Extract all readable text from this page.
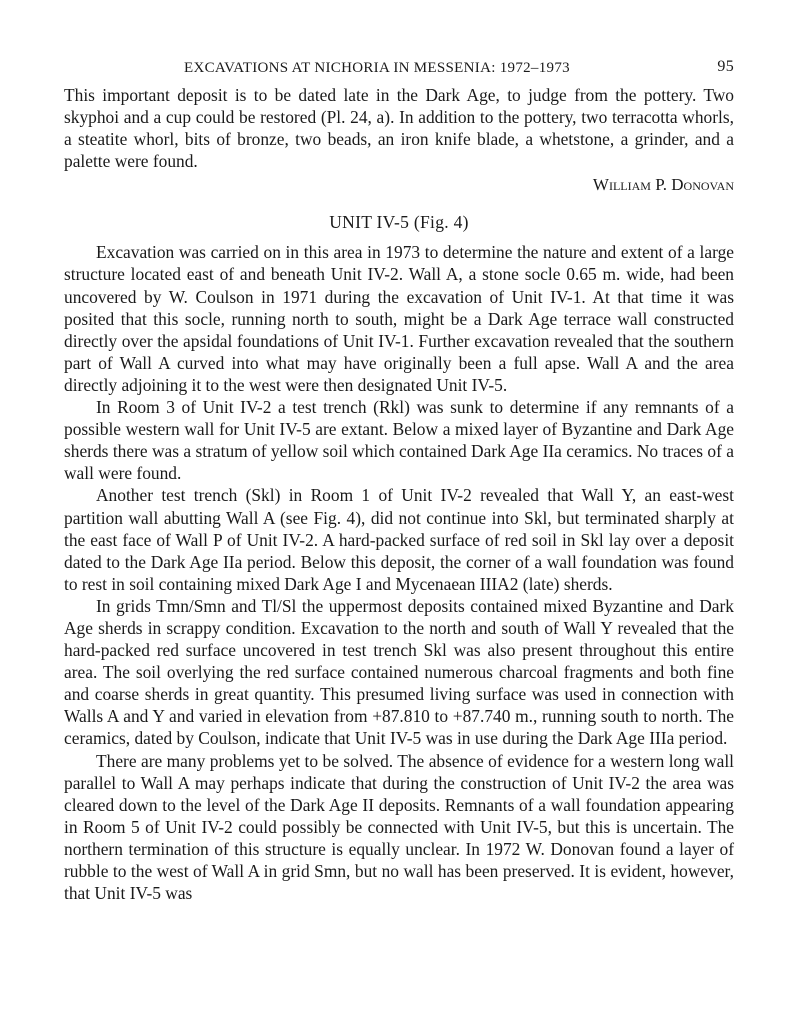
EXCAVATIONS AT NICHORIA IN MESSENIA: 1972–1973	95

This important deposit is to be dated late in the Dark Age, to judge from the pottery. Two skyphoi and a cup could be restored (Pl. 24, a). In addition to the pottery, two terracotta whorls, a steatite whorl, bits of bronze, two beads, an iron knife blade, a whetstone, a grinder, and a palette were found.

William P. Donovan
UNIT IV-5 (Fig. 4)

Excavation was carried on in this area in 1973 to determine the nature and extent of a large structure located east of and beneath Unit IV-2. Wall A, a stone socle 0.65 m. wide, had been uncovered by W. Coulson in 1971 during the excavation of Unit IV-1. At that time it was posited that this socle, running north to south, might be a Dark Age terrace wall constructed directly over the apsidal foundations of Unit IV-1. Further excavation revealed that the southern part of Wall A curved into what may have originally been a full apse. Wall A and the area directly adjoining it to the west were then designated Unit IV-5.

In Room 3 of Unit IV-2 a test trench (Rkl) was sunk to determine if any remnants of a possible western wall for Unit IV-5 are extant. Below a mixed layer of Byzantine and Dark Age sherds there was a stratum of yellow soil which contained Dark Age IIa ceramics. No traces of a wall were found.

Another test trench (Skl) in Room 1 of Unit IV-2 revealed that Wall Y, an east-west partition wall abutting Wall A (see Fig. 4), did not continue into Skl, but terminated sharply at the east face of Wall P of Unit IV-2. A hard-packed surface of red soil in Skl lay over a deposit dated to the Dark Age IIa period. Below this deposit, the corner of a wall foundation was found to rest in soil containing mixed Dark Age I and Mycenaean IIIA2 (late) sherds.

In grids Tmn/Smn and Tl/Sl the uppermost deposits contained mixed Byzantine and Dark Age sherds in scrappy condition. Excavation to the north and south of Wall Y revealed that the hard-packed red surface uncovered in test trench Skl was also present throughout this entire area. The soil overlying the red surface contained numerous charcoal fragments and both fine and coarse sherds in great quantity. This presumed living surface was used in connection with Walls A and Y and varied in elevation from +87.810 to +87.740 m., running south to north. The ceramics, dated by Coulson, indicate that Unit IV-5 was in use during the Dark Age IIIa period.

There are many problems yet to be solved. The absence of evidence for a western long wall parallel to Wall A may perhaps indicate that during the construction of Unit IV-2 the area was cleared down to the level of the Dark Age II deposits. Remnants of a wall foundation appearing in Room 5 of Unit IV-2 could possibly be connected with Unit IV-5, but this is uncertain. The northern termination of this structure is equally unclear. In 1972 W. Donovan found a layer of rubble to the west of Wall A in grid Smn, but no wall has been preserved. It is evident, however, that Unit IV-5 was
